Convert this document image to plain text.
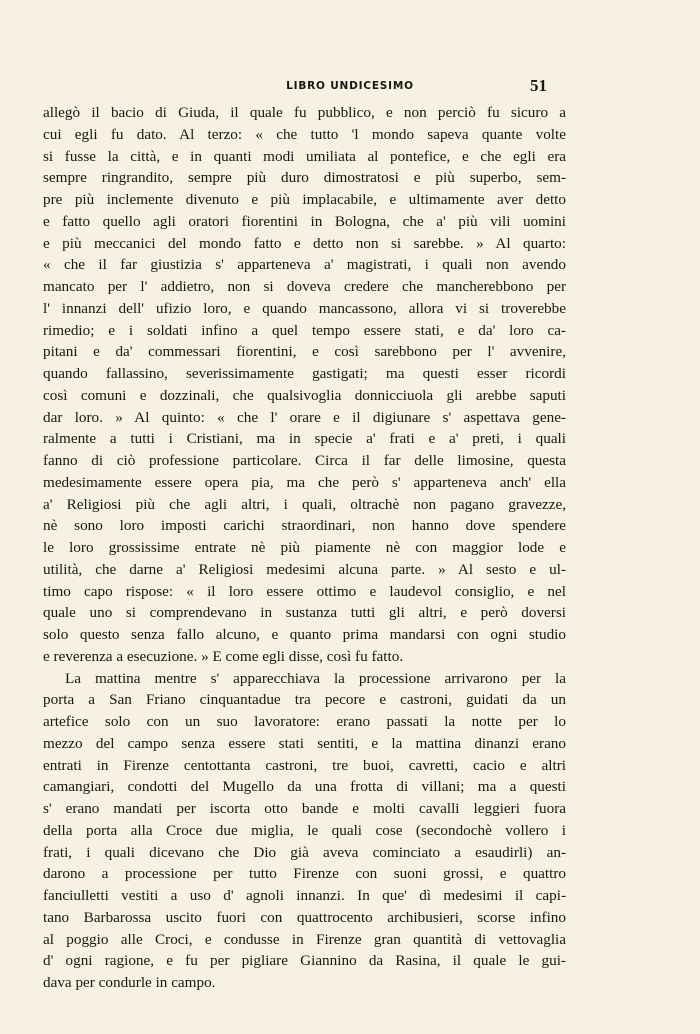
LIBRO UNDICESIMO	51
allegò il bacio di Giuda, il quale fu pubblico, e non perciò fu sicuro a
cui egli fu dato. Al terzo: « che tutto 'l mondo sapeva quante volte
si fusse la città, e in quanti modi umiliata al pontefice, e che egli era
sempre ringrandito, sempre più duro dimostratosi e più superbo, sem-
pre più inclemente divenuto e più implacabile, e ultimamente aver detto
e fatto quello agli oratori fiorentini in Bologna, che a' più vili uomini
e più meccanici del mondo fatto e detto non si sarebbe. » Al quarto:
« che il far giustizia s' apparteneva a' magistrati, i quali non avendo
mancato per l' addietro, non si doveva credere che mancherebbono per
l' innanzi dell' ufizio loro, e quando mancassono, allora vi si troverebbe
rimedio; e i soldati infino a quel tempo essere stati, e da' loro ca-
pitani e da' commessari fiorentini, e così sarebbono per l' avvenire,
quando fallassino, severissimamente gastigati; ma questi esser ricordi
così comuni e dozzinali, che qualsivoglia donnicciuola gli arebbe saputi
dar loro. » Al quinto: « che l' orare e il digiunare s' aspettava gene-
ralmente a tutti i Cristiani, ma in specie a' frati e a' preti, i quali
fanno di ciò professione particolare. Circa il far delle limosine, questa
medesimamente essere opera pia, ma che però s' apparteneva anch' ella
a' Religiosi più che agli altri, i quali, oltrachè non pagano gravezze,
nè sono loro imposti carichi straordinari, non hanno dove spendere
le loro grossissime entrate nè più piamente nè con maggior lode e
utilità, che darne a' Religiosi medesimi alcuna parte. » Al sesto e ul-
timo capo rispose: « il loro essere ottimo e laudevol consiglio, e nel
quale uno si comprendevano in sustanza tutti gli altri, e però doversi
solo questo senza fallo alcuno, e quanto prima mandarsi con ogni studio
e reverenza a esecuzione. » E come egli disse, così fu fatto.
La mattina mentre s' apparecchiava la processione arrivarono per la
porta a San Friano cinquantadue tra pecore e castroni, guidati da un
artefice solo con un suo lavoratore: erano passati la notte per lo
mezzo del campo senza essere stati sentiti, e la mattina dinanzi erano
entrati in Firenze centottanta castroni, tre buoi, cavretti, cacio e altri
camangiari, condotti del Mugello da una frotta di villani; ma a questi
s' erano mandati per iscorta otto bande e molti cavalli leggieri fuora
della porta alla Croce due miglia, le quali cose (secondochè vollero i
frati, i quali dicevano che Dio già aveva cominciato a esaudirli) an-
darono a processione per tutto Firenze con suoni grossi, e quattro
fanciulletti vestiti a uso d' agnoli innanzi. In que' dì medesimi il capi-
tano Barbarossa uscito fuori con quattrocento archibusieri, scorse infino
al poggio alle Croci, e condusse in Firenze gran quantità di vettovaglia
d' ogni ragione, e fu per pigliare Giannino da Rasina, il quale le gui-
dava per condurle in campo.
